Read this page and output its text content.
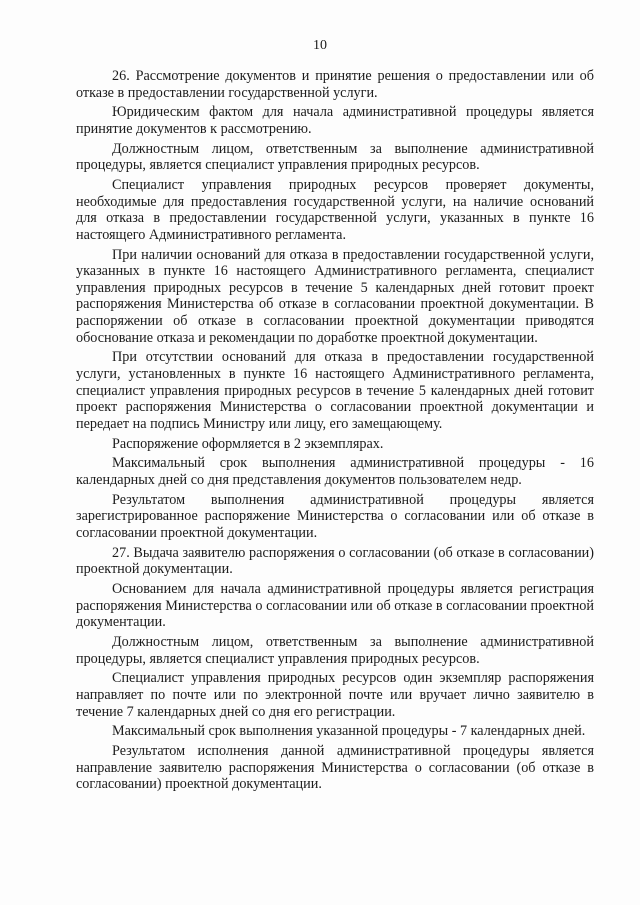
10

26. Рассмотрение документов и принятие решения о предоставлении или об отказе в предоставлении государственной услуги.

Юридическим фактом для начала административной процедуры является принятие документов к рассмотрению.

Должностным лицом, ответственным за выполнение административной процедуры, является специалист управления природных ресурсов.

Специалист управления природных ресурсов проверяет документы, необходимые для предоставления государственной услуги, на наличие оснований для отказа в предоставлении государственной услуги, указанных в пункте 16 настоящего Административного регламента.

При наличии оснований для отказа в предоставлении государственной услуги, указанных в пункте 16 настоящего Административного регламента, специалист управления природных ресурсов в течение 5 календарных дней готовит проект распоряжения Министерства об отказе в согласовании проектной документации. В распоряжении об отказе в согласовании проектной документации приводятся обоснование отказа и рекомендации по доработке проектной документации.

При отсутствии оснований для отказа в предоставлении государственной услуги, установленных в пункте 16 настоящего Административного регламента, специалист управления природных ресурсов в течение 5 календарных дней готовит проект распоряжения Министерства о согласовании проектной документации и передает на подпись Министру или лицу, его замещающему.

Распоряжение оформляется в 2 экземплярах.

Максимальный срок выполнения административной процедуры - 16 календарных дней со дня представления документов пользователем недр.

Результатом выполнения административной процедуры является зарегистрированное распоряжение Министерства о согласовании или об отказе в согласовании проектной документации.

27. Выдача заявителю распоряжения о согласовании (об отказе в согласовании) проектной документации.

Основанием для начала административной процедуры является регистрация распоряжения Министерства о согласовании или об отказе в согласовании проектной документации.

Должностным лицом, ответственным за выполнение административной процедуры, является специалист управления природных ресурсов.

Специалист управления природных ресурсов один экземпляр распоряжения направляет по почте или по электронной почте или вручает лично заявителю в течение 7 календарных дней со дня его регистрации.

Максимальный срок выполнения указанной процедуры - 7 календарных дней.

Результатом исполнения данной административной процедуры является направление заявителю распоряжения Министерства о согласовании (об отказе в согласовании) проектной документации.
